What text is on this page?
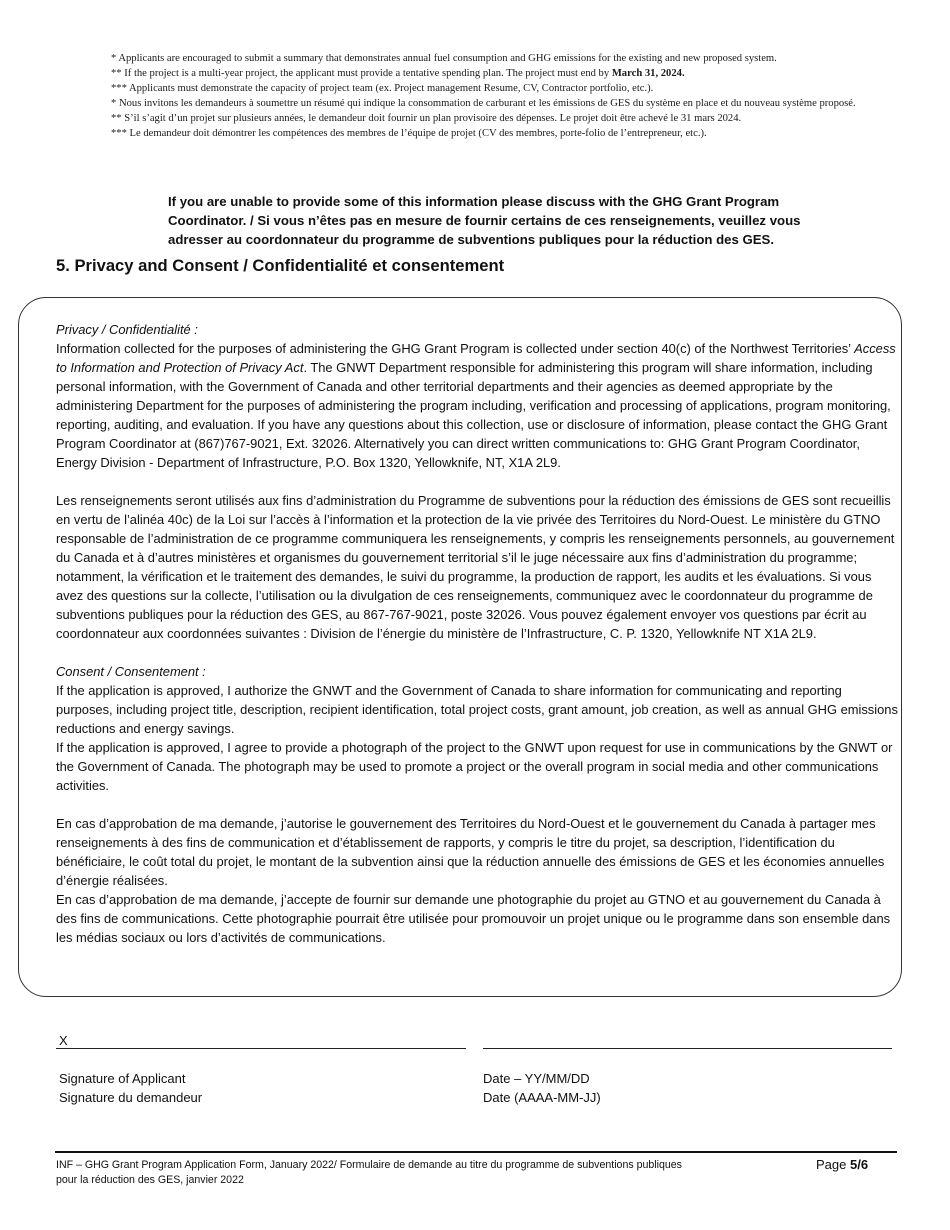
* Applicants are encouraged to submit a summary that demonstrates annual fuel consumption and GHG emissions for the existing and new proposed system.
** If the project is a multi-year project, the applicant must provide a tentative spending plan. The project must end by March 31, 2024.
*** Applicants must demonstrate the capacity of project team (ex. Project management Resume, CV, Contractor portfolio, etc.).
* Nous invitons les demandeurs à soumettre un résumé qui indique la consommation de carburant et les émissions de GES du système en place et du nouveau système proposé.
** S’il s’agit d’un projet sur plusieurs années, le demandeur doit fournir un plan provisoire des dépenses. Le projet doit être achevé le 31 mars 2024.
*** Le demandeur doit démontrer les compétences des membres de l’équipe de projet (CV des membres, porte-folio de l’entrepreneur, etc.).
If you are unable to provide some of this information please discuss with the GHG Grant Program Coordinator. / Si vous n’êtes pas en mesure de fournir certains de ces renseignements, veuillez vous adresser au coordonnateur du programme de subventions publiques pour la réduction des GES.
5. Privacy and Consent / Confidentialité et consentement

Privacy / Confidentialité :

Information collected for the purposes of administering the GHG Grant Program is collected under section 40(c) of the Northwest Territories’ Access to Information and Protection of Privacy Act. The GNWT Department responsible for administering this program will share information, including personal information, with the Government of Canada and other territorial departments and their agencies as deemed appropriate by the administering Department for the purposes of administering the program including, verification and processing of applications, program monitoring, reporting, auditing, and evaluation. If you have any questions about this collection, use or disclosure of information, please contact the GHG Grant Program Coordinator at (867)767-9021, Ext. 32026. Alternatively you can direct written communications to: GHG Grant Program Coordinator, Energy Division - Department of Infrastructure, P.O. Box 1320, Yellowknife, NT, X1A 2L9.

Les renseignements seront utilisés aux fins d’administration du Programme de subventions pour la réduction des émissions de GES sont recueillis en vertu de l’alinéa 40c) de la Loi sur l’accès à l’information et la protection de la vie privée des Territoires du Nord-Ouest. Le ministère du GTNO responsable de l’administration de ce programme communiquera les renseignements, y compris les renseignements personnels, au gouvernement du Canada et à d’autres ministères et organismes du gouvernement territorial s’il le juge nécessaire aux fins d’administration du programme; notamment, la vérification et le traitement des demandes, le suivi du programme, la production de rapport, les audits et les évaluations. Si vous avez des questions sur la collecte, l’utilisation ou la divulgation de ces renseignements, communiquez avec le coordonnateur du programme de subventions publiques pour la réduction des GES, au 867-767-9021, poste 32026. Vous pouvez également envoyer vos questions par écrit au coordonnateur aux coordonnées suivantes : Division de l’énergie du ministère de l’Infrastructure, C. P. 1320, Yellowknife NT X1A 2L9.

Consent / Consentement :

If the application is approved, I authorize the GNWT and the Government of Canada to share information for communicating and reporting purposes, including project title, description, recipient identification, total project costs, grant amount, job creation, as well as annual GHG emissions reductions and energy savings.

If the application is approved, I agree to provide a photograph of the project to the GNWT upon request for use in communications by the GNWT or the Government of Canada. The photograph may be used to promote a project or the overall program in social media and other communications activities.

En cas d’approbation de ma demande, j’autorise le gouvernement des Territoires du Nord-Ouest et le gouvernement du Canada à partager mes renseignements à des fins de communication et d’établissement de rapports, y compris le titre du projet, sa description, l’identification du bénéficiaire, le coût total du projet, le montant de la subvention ainsi que la réduction annuelle des émissions de GES et les économies annuelles d’énergie réalisées.

En cas d’approbation de ma demande, j’accepte de fournir sur demande une photographie du projet au GTNO et au gouvernement du Canada à des fins de communications. Cette photographie pourrait être utilisée pour promouvoir un projet unique ou le programme dans son ensemble dans les médias sociaux ou lors d’activités de communications.

X
Signature of Applicant
Signature du demandeur
Date – YY/MM/DD
Date (AAAA-MM-JJ)
INF – GHG Grant Program Application Form, January 2022/ Formulaire de demande au titre du programme de subventions publiques
pour la réduction des GES, janvier 2022
Page 5/6
